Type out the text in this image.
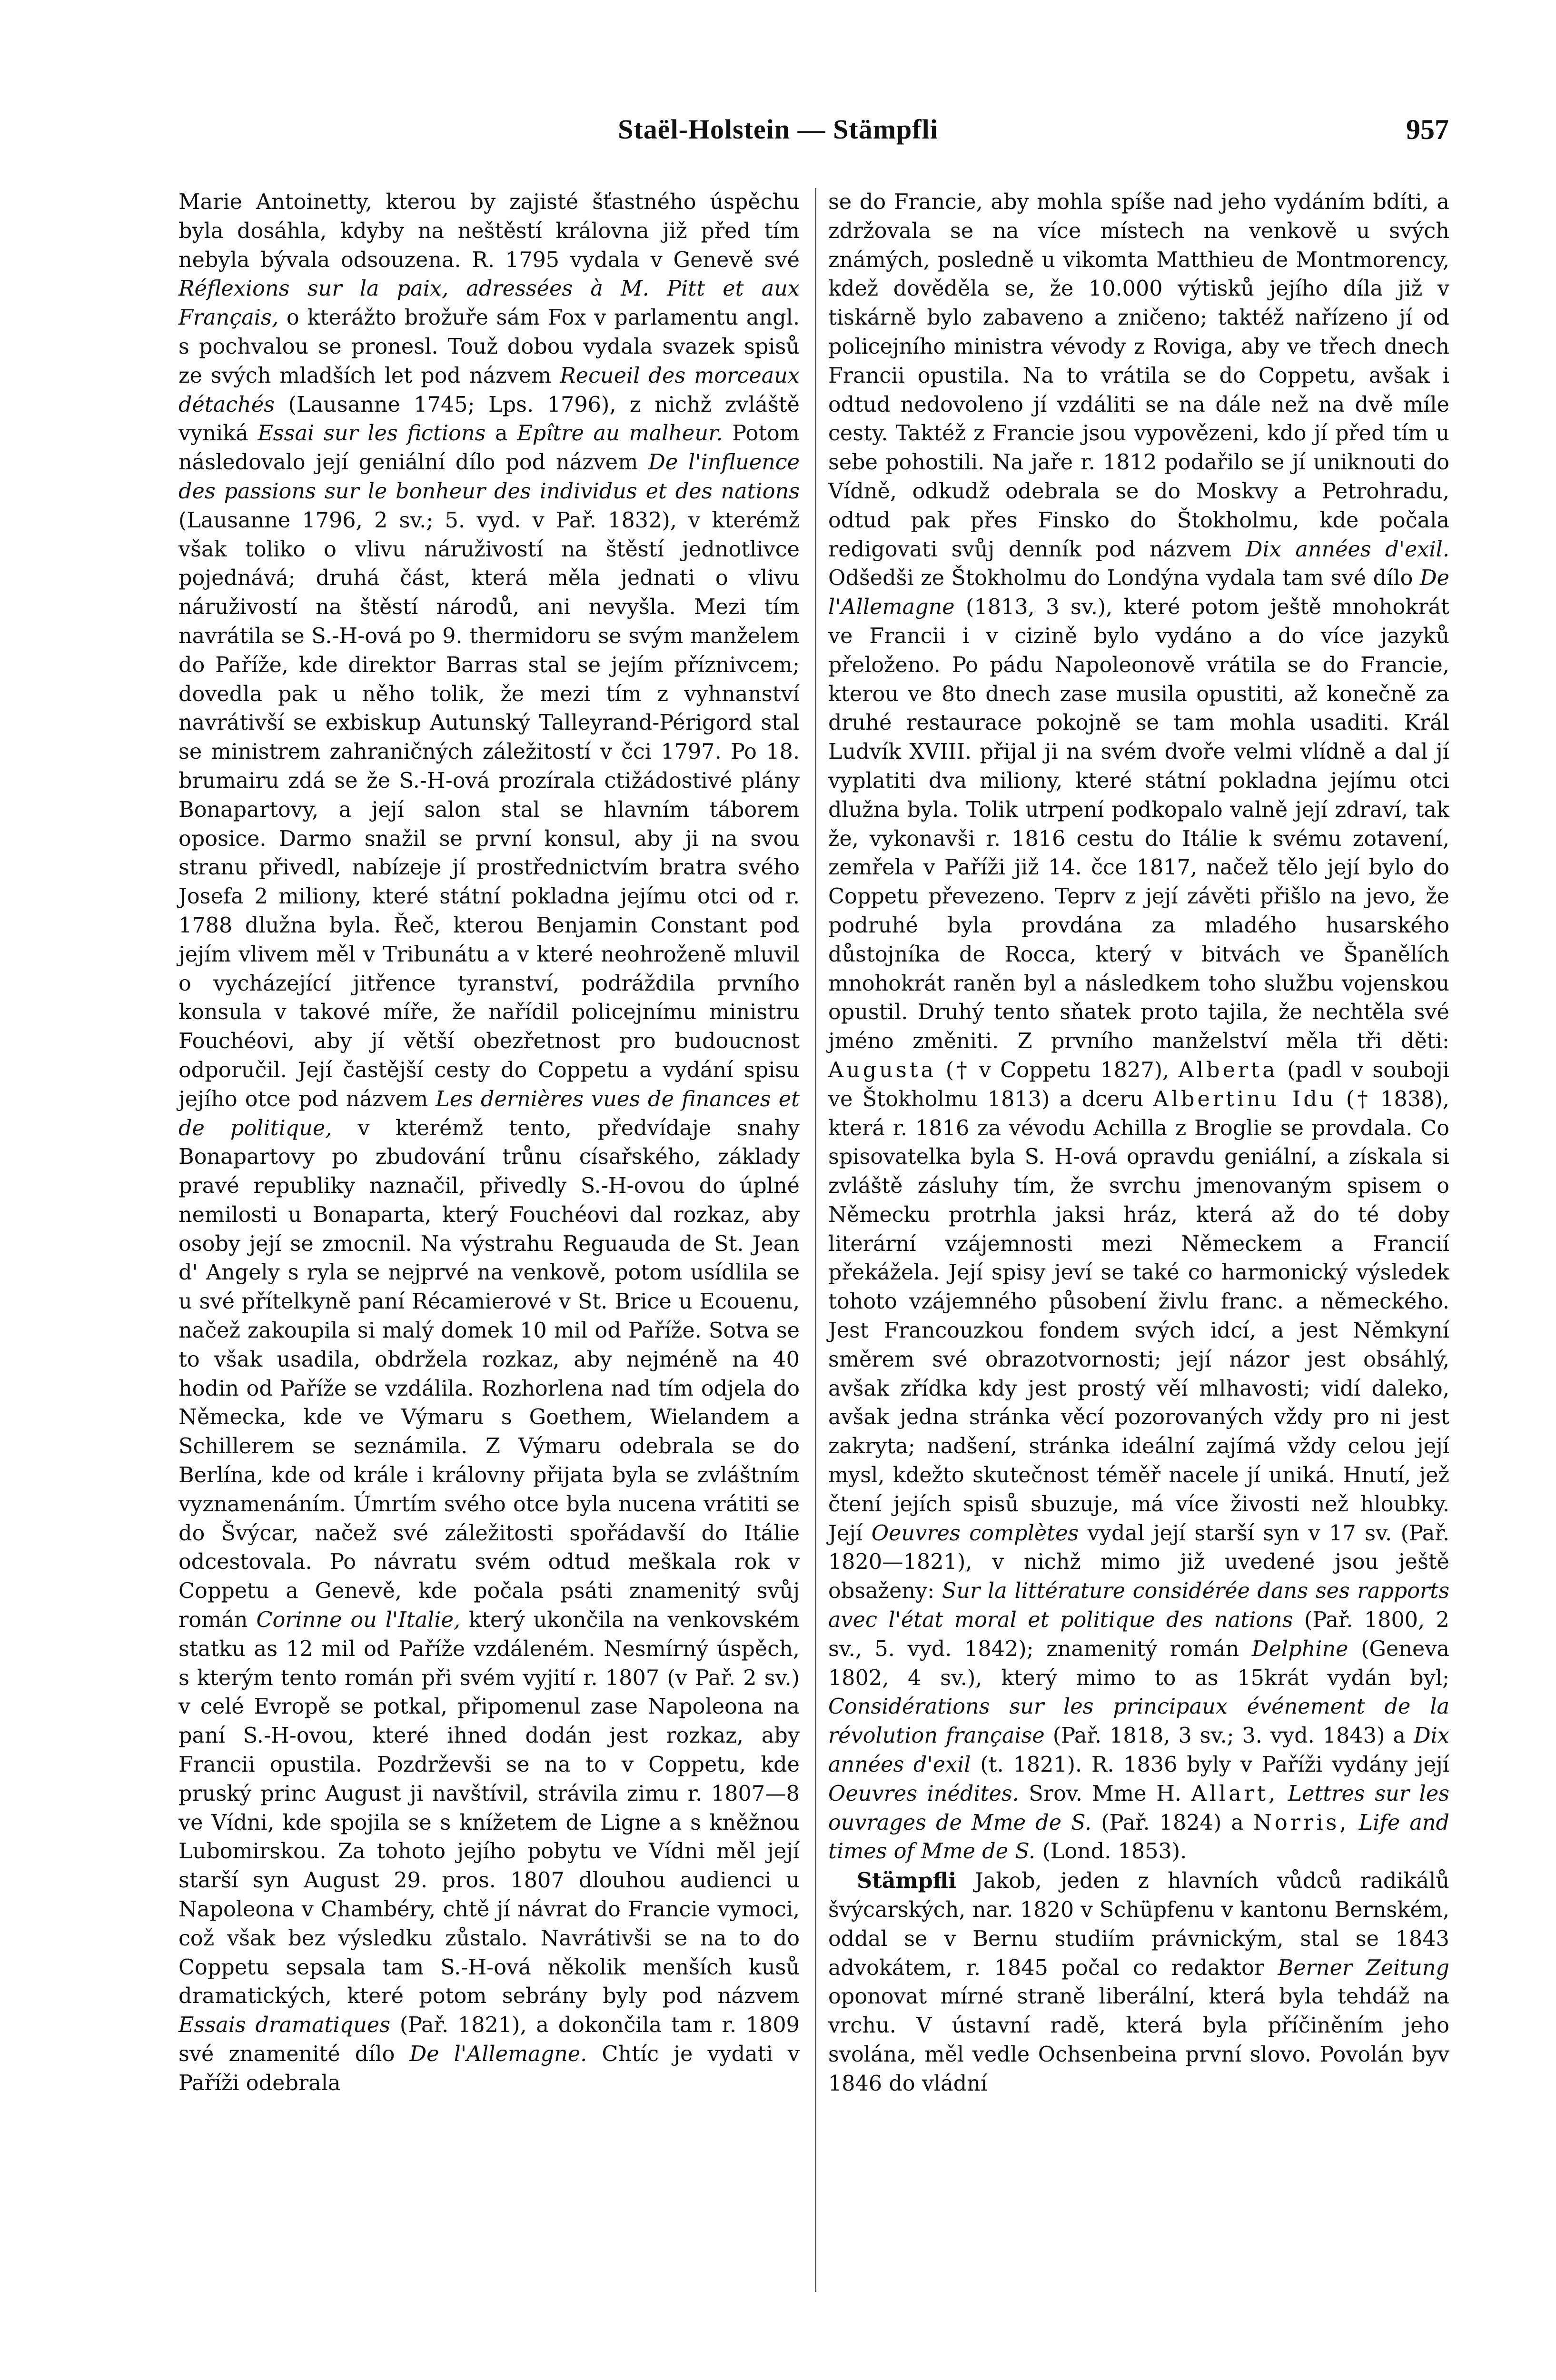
Staël-Holstein — Stämpfli	957

Marie Antoinetty, kterou by zajisté šťastného úspěchu byla dosáhla, kdyby na neštěstí královna již před tím nebyla bývala odsouzena. R. 1795 vydala v Genevě své Réflexions sur la paix, adressées à M. Pitt et aux Français, o kterážto brožuře sám Fox v parlamentu angl. s pochvalou se pronesl. Touž dobou vydala svazek spisů ze svých mladších let pod názvem Recueil des morceaux détachés (Lausanne 1745; Lps. 1796), z nichž zvláště vyniká Essai sur les fictions a Epître au malheur. Potom následovalo její geniální dílo pod názvem De l'influence des passions sur le bonheur des individus et des nations (Lausanne 1796, 2 sv.; 5. vyd. v Pař. 1832), v kterémž však toliko o vlivu náruživostí na štěstí jednotlivce pojednává; druhá část, která měla jednati o vlivu náruživostí na štěstí národů, ani nevyšla. Mezi tím navrátila se S.-H-ová po 9. thermidoru se svým manželem do Paříže, kde direktor Barras stal se jejím příznivcem; dovedla pak u něho tolik, že mezi tím z vyhnanství navrátivší se exbiskup Autunský Talleyrand-Périgord stal se ministrem zahraničných záležitostí v čci 1797. Po 18. brumairu zdá se že S.-H-ová prozírala ctižádostivé plány Bonapartovy, a její salon stal se hlavním táborem oposice. Darmo snažil se první konsul, aby ji na svou stranu přivedl, nabízeje jí prostřednictvím bratra svého Josefa 2 miliony, které státní pokladna jejímu otci od r. 1788 dlužna byla. Řeč, kterou Benjamin Constant pod jejím vlivem měl v Tribunátu a v které neohroženě mluvil o vycházející jitřence tyranství, podráždila prvního konsula v takové míře, že nařídil policejnímu ministru Fouchéovi, aby jí větší obezřetnost pro budoucnost odporučil. Její častější cesty do Coppetu a vydání spisu jejího otce pod názvem Les dernières vues de finances et de politique, v kterémž tento, předvídaje snahy Bonapartovy po zbudování trůnu císařského, základy pravé republiky naznačil, přivedly S.-H-ovou do úplné nemilosti u Bonaparta, který Fouchéovi dal rozkaz, aby osoby její se zmocnil. Na výstrahu Reguauda de St. Jean d' Angely s ryla se nejprvé na venkově, potom usídlila se u své přítelkyně paní Récamierové v St. Brice u Ecouenu, načež zakoupila si malý domek 10 mil od Paříže. Sotva se to však usadila, obdržela rozkaz, aby nejméně na 40 hodin od Paříže se vzdálila. Rozhorlena nad tím odjela do Německa, kde ve Výmaru s Goethem, Wielandem a Schillerem se seznámila. Z Výmaru odebrala se do Berlína, kde od krále i královny přijata byla se zvláštním vyznamenáním. Úmrtím svého otce byla nucena vrátiti se do Švýcar, načež své záležitosti spořádavší do Itálie odcestovala. Po návratu svém odtud meškala rok v Coppetu a Genevě, kde počala psáti znamenitý svůj román Corinne ou l'Italie, který ukončila na venkovském statku as 12 mil od Paříže vzdáleném. Nesmírný úspěch, s kterým tento román při svém vyjití r. 1807 (v Pař. 2 sv.) v celé Evropě se potkal, připomenul zase Napoleona na paní S.-H-ovou, které ihned dodán jest rozkaz, aby Francii opustila. Pozdrževši se na to v Coppetu, kde pruský princ August ji navštívil, strávila zimu r. 1807—8 ve Vídni, kde spojila se s knížetem de Ligne a s kněžnou Lubomirskou. Za tohoto jejího pobytu ve Vídni měl její starší syn August 29. pros. 1807 dlouhou audienci u Napoleona v Chambéry, chtě jí návrat do Francie vymoci, což však bez výsledku zůstalo. Navrátivši se na to do Coppetu sepsala tam S.-H-ová několik menších kusů dramatických, které potom sebrány byly pod názvem Essais dramatiques (Pař. 1821), a dokončila tam r. 1809 své znamenité dílo De l'Allemagne. Chtíc je vydati v Paříži odebrala

se do Francie, aby mohla spíše nad jeho vydáním bdíti, a zdržovala se na více místech na venkově u svých známých, posledně u vikomta Matthieu de Montmorency, kdež dověděla se, že 10.000 výtisků jejího díla již v tiskárně bylo zabaveno a zničeno; taktéž nařízeno jí od policejního ministra vévody z Roviga, aby ve třech dnech Francii opustila. Na to vrátila se do Coppetu, avšak i odtud nedovoleno jí vzdáliti se na dále než na dvě míle cesty. Taktéž z Francie jsou vypovězeni, kdo jí před tím u sebe pohostili. Na jaře r. 1812 podařilo se jí uniknouti do Vídně, odkudž odebrala se do Moskvy a Petrohradu, odtud pak přes Finsko do Štokholmu, kde počala redigovati svůj denník pod názvem Dix années d'exil. Odšedši ze Štokholmu do Londýna vydala tam své dílo De l'Allemagne (1813, 3 sv.), které potom ještě mnohokrát ve Francii i v cizině bylo vydáno a do více jazyků přeloženo. Po pádu Napoleonově vrátila se do Francie, kterou ve 8to dnech zase musila opustiti, až konečně za druhé restaurace pokojně se tam mohla usaditi. Král Ludvík XVIII. přijal ji na svém dvoře velmi vlídně a dal jí vyplatiti dva miliony, které státní pokladna jejímu otci dlužna byla. Tolik utrpení podkopalo valně její zdraví, tak že, vykonavši r. 1816 cestu do Itálie k svému zotavení, zemřela v Paříži již 14. čce 1817, načež tělo její bylo do Coppetu převezeno. Teprv z její závěti přišlo na jevo, že podruhé byla provdána za mladého husarského důstojníka de Rocca, který v bitvách ve Španělích mnohokrát raněn byl a následkem toho službu vojenskou opustil. Druhý tento sňatek proto tajila, že nechtěla své jméno změniti. Z prvního manželství měla tři děti: Augusta († v Coppetu 1827), Alberta (padl v souboji ve Štokholmu 1813) a dceru Albertinu Idu († 1838), která r. 1816 za vévodu Achilla z Broglie se provdala. Co spisovatelka byla S. H-ová opravdu geniální, a získala si zvláště zásluhy tím, že svrchu jmenovaným spisem o Německu protrhla jaksi hráz, která až do té doby literární vzájemnosti mezi Německem a Francií překážela. Její spisy jeví se také co harmonický výsledek tohoto vzájemného působení živlu franc. a německého. Jest Francouzkou fondem svých idcí, a jest Němkyní směrem své obrazotvornosti; její názor jest obsáhlý, avšak zřídka kdy jest prostý věí mlhavosti; vidí daleko, avšak jedna stránka věcí pozorovaných vždy pro ni jest zakryta; nadšení, stránka ideální zajímá vždy celou její mysl, kdežto skutečnost téměř nacele jí uniká. Hnutí, jež čtení jejích spisů sbuzuje, má více živosti než hloubky. Její Oeuvres complètes vydal její starší syn v 17 sv. (Pař. 1820—1821), v nichž mimo již uvedené jsou ještě obsaženy: Sur la littérature considérée dans ses rapports avec l'état moral et politique des nations (Pař. 1800, 2 sv., 5. vyd. 1842); znamenitý román Delphine (Geneva 1802, 4 sv.), který mimo to as 15krát vydán byl; Considérations sur les principaux événement de la révolution française (Pař. 1818, 3 sv.; 3. vyd. 1843) a Dix années d'exil (t. 1821). R. 1836 byly v Paříži vydány její Oeuvres inédites. Srov. Mme H. Allart, Lettres sur les ouvrages de Mme de S. (Pař. 1824) a Norris, Life and times of Mme de S. (Lond. 1853).
Stämpfli Jakob, jeden z hlavních vůdců radikálů švýcarských, nar. 1820 v Schüpfenu v kantonu Bernském, oddal se v Bernu studiím právnickým, stal se 1843 advokátem, r. 1845 počal co redaktor Berner Zeitung oponovat mírné straně liberální, která byla tehdáž na vrchu. V ústavní radě, která byla příčiněním jeho svolána, měl vedle Ochsenbeina první slovo. Povolán byv 1846 do vládní
